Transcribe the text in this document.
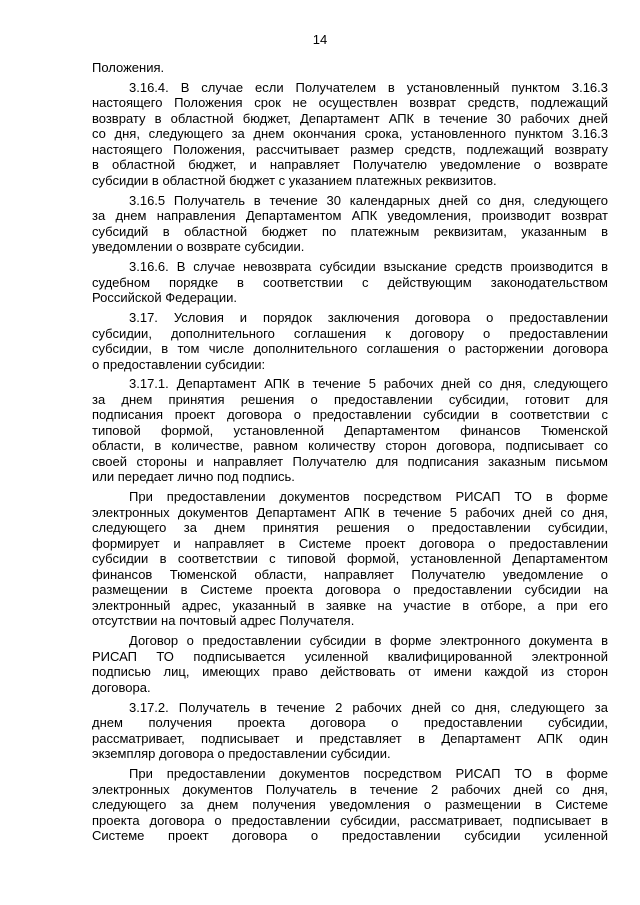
14
Положения.
3.16.4. В случае если Получателем в установленный пунктом 3.16.3
настоящего Положения срок не осуществлен возврат средств, подлежащий
возврату в областной бюджет, Департамент АПК в течение 30 рабочих дней
со дня, следующего за днем окончания срока, установленного пунктом 3.16.3
настоящего Положения, рассчитывает размер средств, подлежащий возврату
в областной бюджет, и направляет Получателю уведомление о возврате
субсидии в областной бюджет с указанием платежных реквизитов.
3.16.5 Получатель в течение 30 календарных дней со дня, следующего
за днем направления Департаментом АПК уведомления, производит возврат
субсидий в областной бюджет по платежным реквизитам, указанным в
уведомлении о возврате субсидии.
3.16.6. В случае невозврата субсидии взыскание средств производится в
судебном порядке в соответствии с действующим законодательством
Российской Федерации.
3.17. Условия и порядок заключения договора о предоставлении
субсидии, дополнительного соглашения к договору о предоставлении
субсидии, в том числе дополнительного соглашения о расторжении договора
о предоставлении субсидии:
3.17.1. Департамент АПК в течение 5 рабочих дней со дня, следующего
за днем принятия решения о предоставлении субсидии, готовит для
подписания проект договора о предоставлении субсидии в соответствии с
типовой формой, установленной Департаментом финансов Тюменской
области, в количестве, равном количеству сторон договора, подписывает со
своей стороны и направляет Получателю для подписания заказным письмом
или передает лично под подпись.
При предоставлении документов посредством РИСАП ТО в форме
электронных документов Департамент АПК в течение 5 рабочих дней со дня,
следующего за днем принятия решения о предоставлении субсидии,
формирует и направляет в Системе проект договора о предоставлении
субсидии в соответствии с типовой формой, установленной Департаментом
финансов Тюменской области, направляет Получателю уведомление о
размещении в Системе проекта договора о предоставлении субсидии на
электронный адрес, указанный в заявке на участие в отборе, а при его
отсутствии на почтовый адрес Получателя.
Договор о предоставлении субсидии в форме электронного документа в
РИСАП ТО подписывается усиленной квалифицированной электронной
подписью лиц, имеющих право действовать от имени каждой из сторон
договора.
3.17.2. Получатель в течение 2 рабочих дней со дня, следующего за
днем получения проекта договора о предоставлении субсидии,
рассматривает, подписывает и представляет в Департамент АПК один
экземпляр договора о предоставлении субсидии.
При предоставлении документов посредством РИСАП ТО в форме
электронных документов Получатель в течение 2 рабочих дней со дня,
следующего за днем получения уведомления о размещении в Системе
проекта договора о предоставлении субсидии, рассматривает, подписывает в
Системе проект договора о предоставлении субсидии усиленной
